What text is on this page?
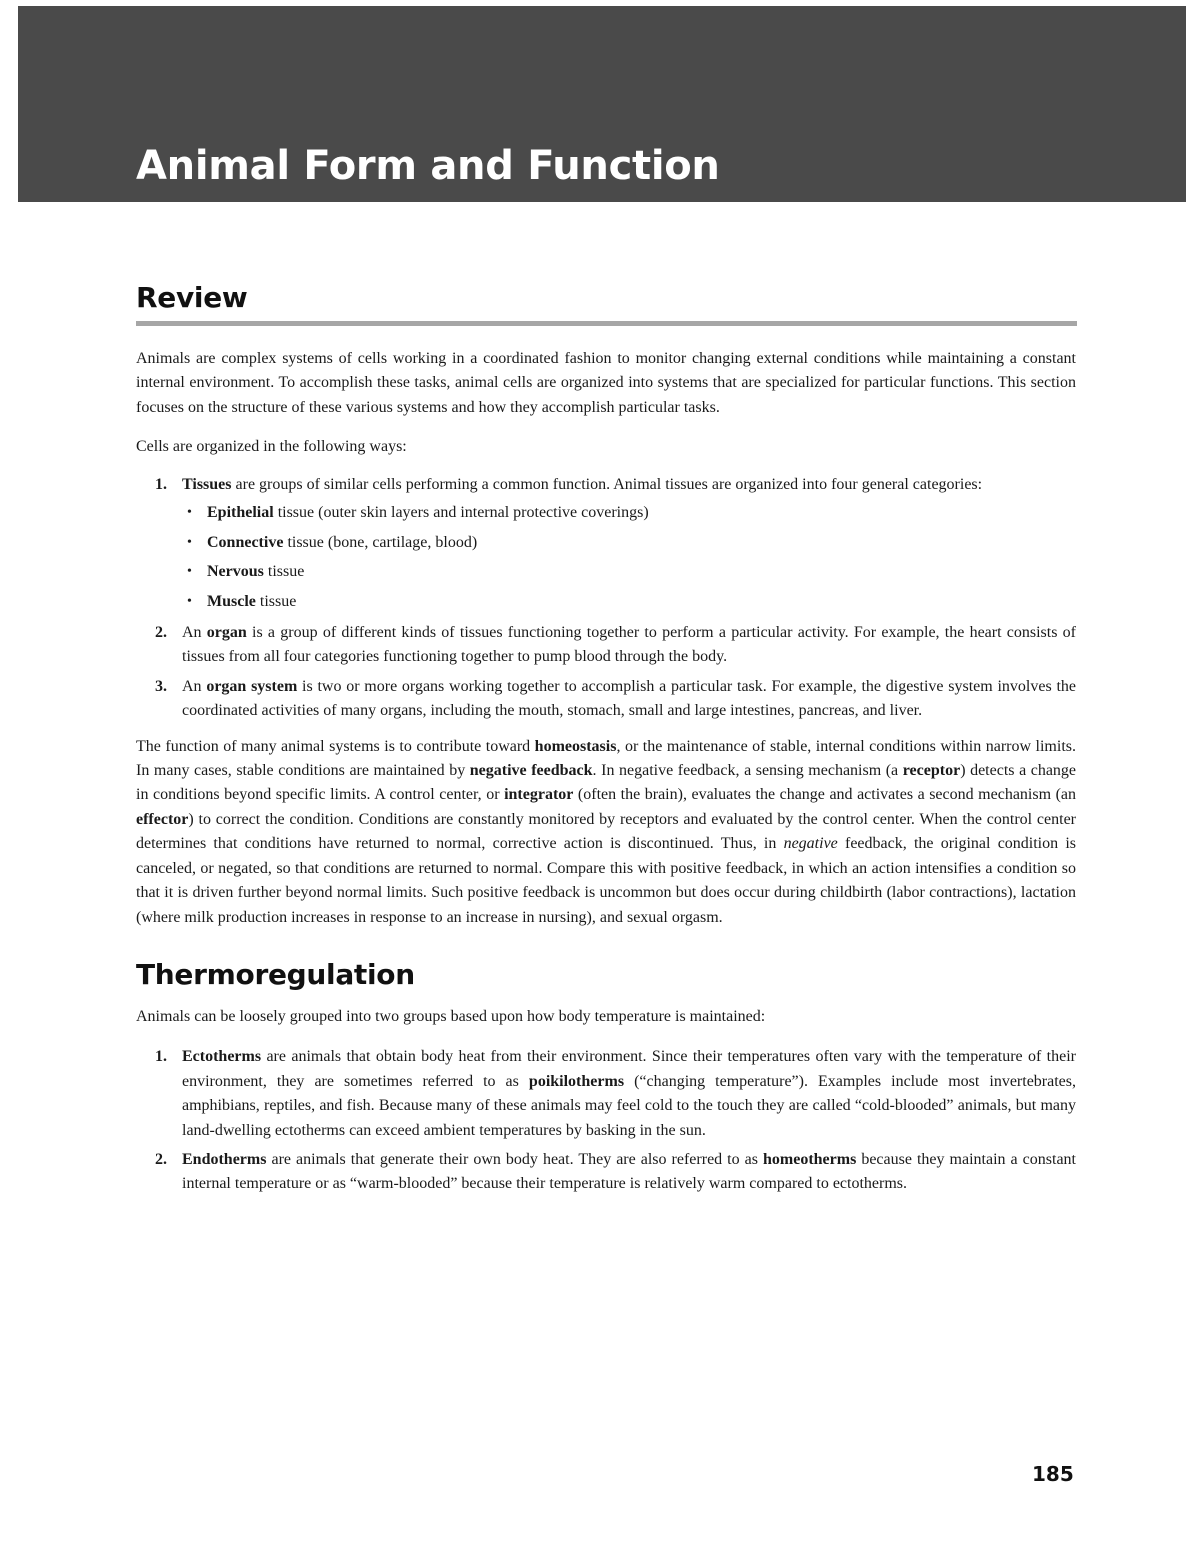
Animal Form and Function
Review

Animals are complex systems of cells working in a coordinated fashion to monitor changing external conditions while maintaining a constant internal environment. To accomplish these tasks, animal cells are organized into systems that are specialized for particular functions. This section focuses on the structure of these various systems and how they accomplish particular tasks.

Cells are organized in the following ways:

1. Tissues are groups of similar cells performing a common function. Animal tissues are organized into four general categories:
• Epithelial tissue (outer skin layers and internal protective coverings)
• Connective tissue (bone, cartilage, blood)
• Nervous tissue
• Muscle tissue
2. An organ is a group of different kinds of tissues functioning together to perform a particular activity. For example, the heart consists of tissues from all four categories functioning together to pump blood through the body.
3. An organ system is two or more organs working together to accomplish a particular task. For example, the digestive system involves the coordinated activities of many organs, including the mouth, stomach, small and large intestines, pancreas, and liver.

The function of many animal systems is to contribute toward homeostasis, or the maintenance of stable, internal conditions within narrow limits. In many cases, stable conditions are maintained by negative feedback. In negative feedback, a sensing mechanism (a receptor) detects a change in conditions beyond specific limits. A control center, or integrator (often the brain), evaluates the change and activates a second mechanism (an effector) to correct the condition. Conditions are constantly monitored by receptors and evaluated by the control center. When the control center determines that conditions have returned to normal, corrective action is discontinued. Thus, in negative feedback, the original condition is canceled, or negated, so that conditions are returned to normal. Compare this with positive feedback, in which an action intensifies a condition so that it is driven further beyond normal limits. Such positive feedback is uncommon but does occur during childbirth (labor contractions), lactation (where milk production increases in response to an increase in nursing), and sexual orgasm.

Thermoregulation

Animals can be loosely grouped into two groups based upon how body temperature is maintained:

1. Ectotherms are animals that obtain body heat from their environment. Since their temperatures often vary with the temperature of their environment, they are sometimes referred to as poikilotherms (“changing temperature”). Examples include most invertebrates, amphibians, reptiles, and fish. Because many of these animals may feel cold to the touch they are called “cold-blooded” animals, but many land-dwelling ectotherms can exceed ambient temperatures by basking in the sun.
2. Endotherms are animals that generate their own body heat. They are also referred to as homeotherms because they maintain a constant internal temperature or as “warm-blooded” because their temperature is relatively warm compared to ectotherms.
185
